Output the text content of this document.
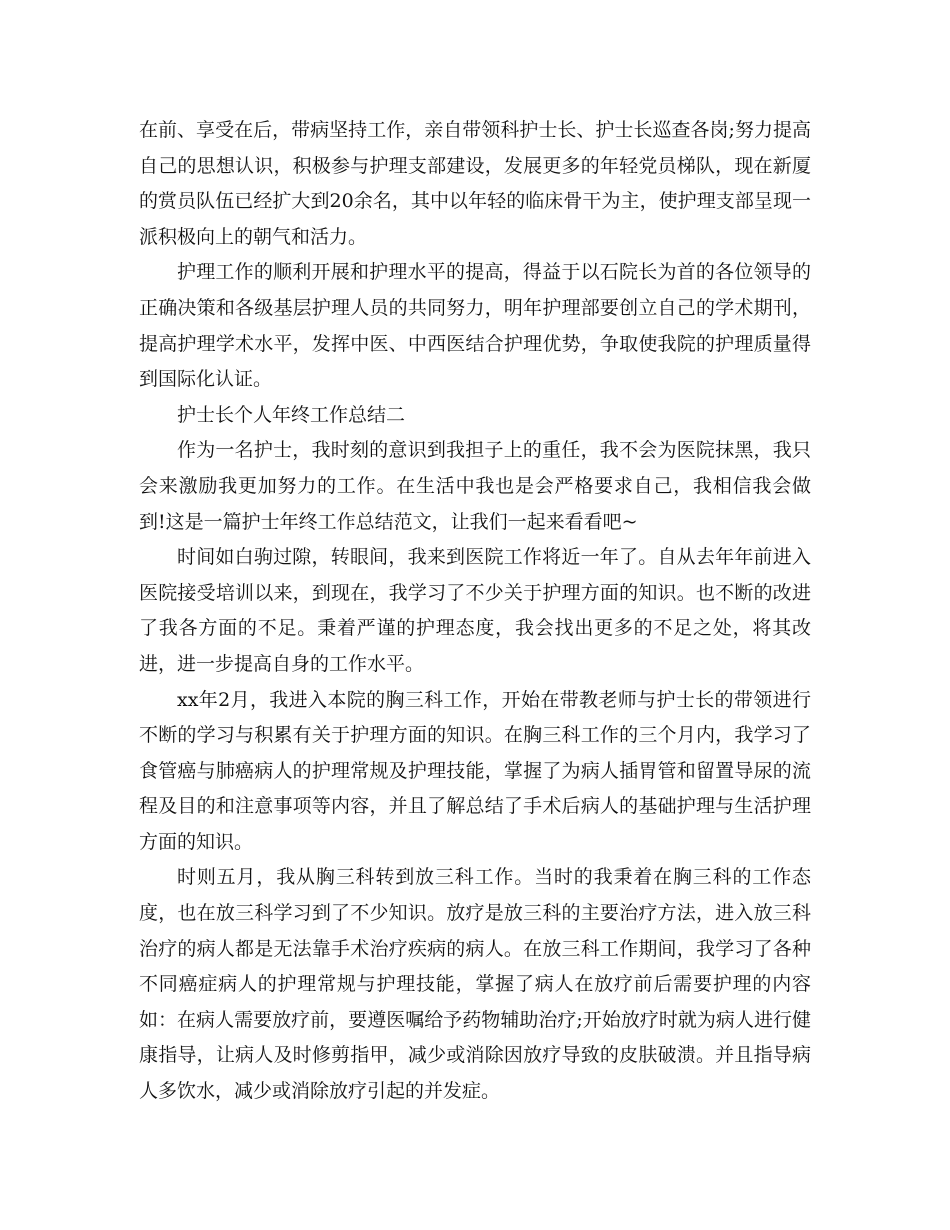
在前、享受在后，带病坚持工作，亲自带领科护士长、护士长巡查各岗;努力提高自己的思想认识，积极参与护理支部建设，发展更多的年轻党员梯队，现在新厦的赏员队伍已经扩大到20余名，其中以年轻的临床骨干为主，使护理支部呈现一派积极向上的朝气和活力。

护理工作的顺利开展和护理水平的提高，得益于以石院长为首的各位领导的正确决策和各级基层护理人员的共同努力，明年护理部要创立自己的学术期刊，提高护理学术水平，发挥中医、中西医结合护理优势，争取使我院的护理质量得到国际化认证。

护士长个人年终工作总结二

作为一名护士，我时刻的意识到我担子上的重任，我不会为医院抹黑，我只会来激励我更加努力的工作。在生活中我也是会严格要求自己，我相信我会做到!这是一篇护士年终工作总结范文，让我们一起来看看吧~

时间如白驹过隙，转眼间，我来到医院工作将近一年了。自从去年年前进入医院接受培训以来，到现在，我学习了不少关于护理方面的知识。也不断的改进了我各方面的不足。秉着严谨的护理态度，我会找出更多的不足之处，将其改进，进一步提高自身的工作水平。

xx年2月，我进入本院的胸三科工作，开始在带教老师与护士长的带领进行不断的学习与积累有关于护理方面的知识。在胸三科工作的三个月内，我学习了食管癌与肺癌病人的护理常规及护理技能，掌握了为病人插胃管和留置导尿的流程及目的和注意事项等内容，并且了解总结了手术后病人的基础护理与生活护理方面的知识。

时则五月，我从胸三科转到放三科工作。当时的我秉着在胸三科的工作态度，也在放三科学习到了不少知识。放疗是放三科的主要治疗方法，进入放三科治疗的病人都是无法靠手术治疗疾病的病人。在放三科工作期间，我学习了各种不同癌症病人的护理常规与护理技能，掌握了病人在放疗前后需要护理的内容如：在病人需要放疗前，要遵医嘱给予药物辅助治疗;开始放疗时就为病人进行健康指导，让病人及时修剪指甲，减少或消除因放疗导致的皮肤破溃。并且指导病人多饮水，减少或消除放疗引起的并发症。
